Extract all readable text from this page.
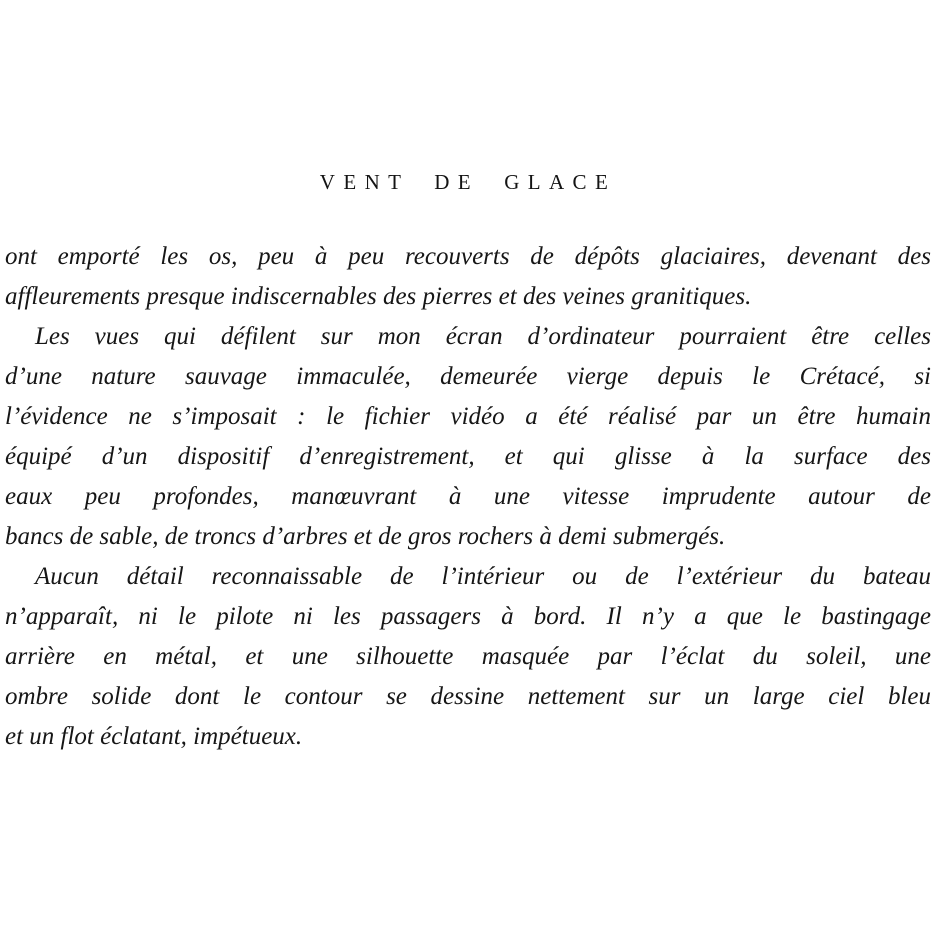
VENT DE GLACE
ont emporté les os, peu à peu recouverts de dépôts glaciaires, devenant des
affleurements presque indiscernables des pierres et des veines granitiques.
Les vues qui défilent sur mon écran d’ordinateur pourraient être celles
d’une nature sauvage immaculée, demeurée vierge depuis le Crétacé, si
l’évidence ne s’imposait : le fichier vidéo a été réalisé par un être humain
équipé d’un dispositif d’enregistrement, et qui glisse à la surface des
eaux peu profondes, manœuvrant à une vitesse imprudente autour de
bancs de sable, de troncs d’arbres et de gros rochers à demi submergés.
Aucun détail reconnaissable de l’intérieur ou de l’extérieur du bateau
n’apparaît, ni le pilote ni les passagers à bord. Il n’y a que le bastingage
arrière en métal, et une silhouette masquée par l’éclat du soleil, une
ombre solide dont le contour se dessine nettement sur un large ciel bleu
et un flot éclatant, impétueux.
